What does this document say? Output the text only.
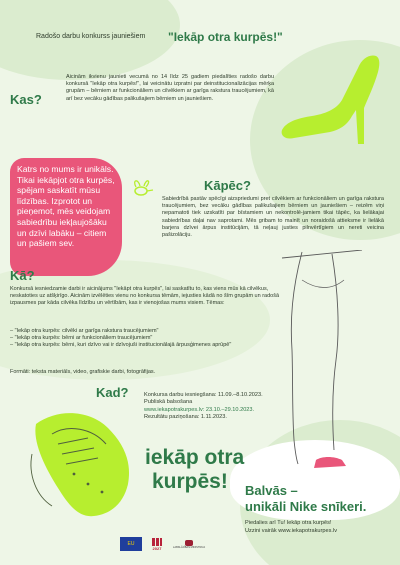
Radošo darbu konkurss jauniešiem "Iekāp otra kurpēs!"
Kas?
Aicinām ikvienu jaunieti vecumā no 14 līdz 25 gadiem piedalīties radošo darbu konkursā "Iekāp otra kurpēs!", lai veicinātu izpratni par deinstitucionalizācijas mērķa grupām – bērniem ar funkcionāliem un cilvēkiem ar garīga rakstura traucējumiem, kā arī bez vecāku gādības palikušajiem bērniem un jauniešiem.
Katrs no mums ir unikāls. Tikai iekāpjot otra kurpēs, spējam saskatīt mūsu līdzības. Izprotot un pieņemot, mēs veidojam sabiedrību iekļaujošāku un dzīvi labāku – citiem un pašiem sev.
Kāpēc?
Sabiedrībā pastāv spēcīgi aizspriedumi pret cilvēkiem ar funkcionāliem un garīga rakstura traucējumiem, bez vecāku gādības palikušajiem bērniem un jauniešiem – reizēm viņi nepamatoti tiek uzskatīti par bīstamiem un nekontrolē-jamiem tikai tāpēc, ka lielākajai sabiedrības daļai nav saprotami. Mēs gribam to mainīt un noraidošā attieksme ir lielākā barjera dzīvei ārpus institūcijām, tā neļauj justies pilnvērtīgiem un nereti veicina pašizolāciju.
Kā?
Konkursā iesniedzamie darbi ir aicinājums "Iekāpt otra kurpēs", lai saskatītu to, kas viens mūs kā cilvēkus, neskatoties uz atšķirīgo. Aicinām izvēlēties vienu no konkursa tēmām, iejusties kādā no šīm grupām un radošā izpausmes par kāda cilvēka līdzību un vērtībām, kas ir vienojošas mums visiem. Tēmas:

– "Iekāp otra kurpēs: cilvēki ar garīga rakstura traucējumiem"

– "Iekāp otra kurpēs: bērni ar funkcionāliem traucējumiem"

– "Iekāp otra kurpēs: bērni, kuri dzīvo vai ir dzīvojuši institucionālajā ārpusģimenes aprūpē"

Formāti: teksta materiāls, video, grafiskie darbi, fotogrāfijas.
Kad?	Konkursa darbu iesniegšana: 11.09.–8.10.2023.
Publiskā balsošana
www.iekapotrakurpes.lv: 23.10.–29.10.2023.
Rezultātu paziņošana: 1.11.2023.
iekāp otra
kurpēs! Balvās –
unikāli Nike snīkeri.
Piedalies arī Tu! Iekāp otra kurpēs!
Uzzini vairāk www.iekapotrakurpes.lv
EU
2027	LABKLĀJĪBAS MINISTRIJA
